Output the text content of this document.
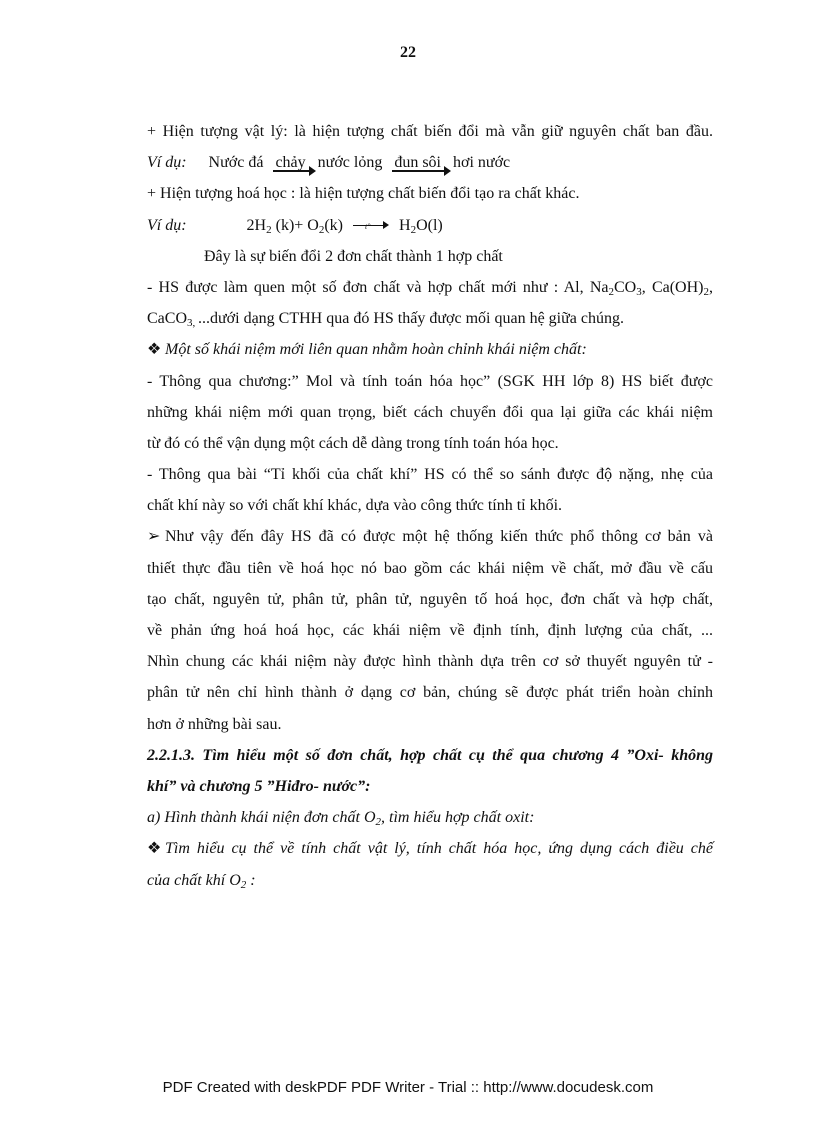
22
+ Hiện tượng vật lý: là hiện tượng chất biến đổi mà vẫn giữ nguyên chất ban đầu.
Ví dụ: Nước đá chảy nước lỏng đun sôi hơi nước
+ Hiện tượng hoá học : là hiện tượng chất biến đổi tạo ra chất khác.
Ví dụ:	$2H_2$ $(k)+ O_2(k)$	t° $H_2O(l)$
Đây là sự biến đổi 2 đơn chất thành 1 hợp chất
- HS được làm quen một số đơn chất và hợp chất mới như : Al, $Na_2CO_3$, $Ca(OH)_2$,
CaCO$_{3,}$ ...dưới dạng CTHH qua đó HS thấy được mối quan hệ giữa chúng.
❖ Một số khái niệm mới liên quan nhằm hoàn chỉnh khái niệm chất:
- Thông qua chương:” Mol và tính toán hóa học” (SGK HH lớp 8) HS biết được
những khái niệm mới quan trọng, biết cách chuyển đổi qua lại giữa các khái niệm
từ đó có thể vận dụng một cách dễ dàng trong tính toán hóa học.
- Thông qua bài “Tỉ khối của chất khí” HS có thể so sánh được độ nặng, nhẹ của
chất khí này so với chất khí khác, dựa vào công thức tính tỉ khối.
➢ Như vậy đến đây HS đã có được một hệ thống kiến thức phổ thông cơ bản và
thiết thực đầu tiên về hoá học nó bao gồm các khái niệm về chất, mở đầu về cấu
tạo chất, nguyên tử, phân tử, phân tử, nguyên tố hoá học, đơn chất và hợp chất,
về phản ứng hoá hoá học, các khái niệm về định tính, định lượng của chất, ...
Nhìn chung các khái niệm này được hình thành dựa trên cơ sở thuyết nguyên tử -
phân tử nên chỉ hình thành ở dạng cơ bản, chúng sẽ được phát triển hoàn chỉnh
hơn ở những bài sau.
2.2.1.3. Tìm hiểu một số đơn chất, hợp chất cụ thể qua chương 4 ”Oxi- không
khí” và chương 5 ”Hiđro- nước”:
a) Hình thành khái niện đơn chất $O_2$, tìm hiểu hợp chất oxit:
❖ Tìm hiểu cụ thể về tính chất vật lý, tính chất hóa học, ứng dụng cách điều chế
của chất khí $O_2$ :
PDF Created with deskPDF PDF Writer - Trial :: http://www.docudesk.com
